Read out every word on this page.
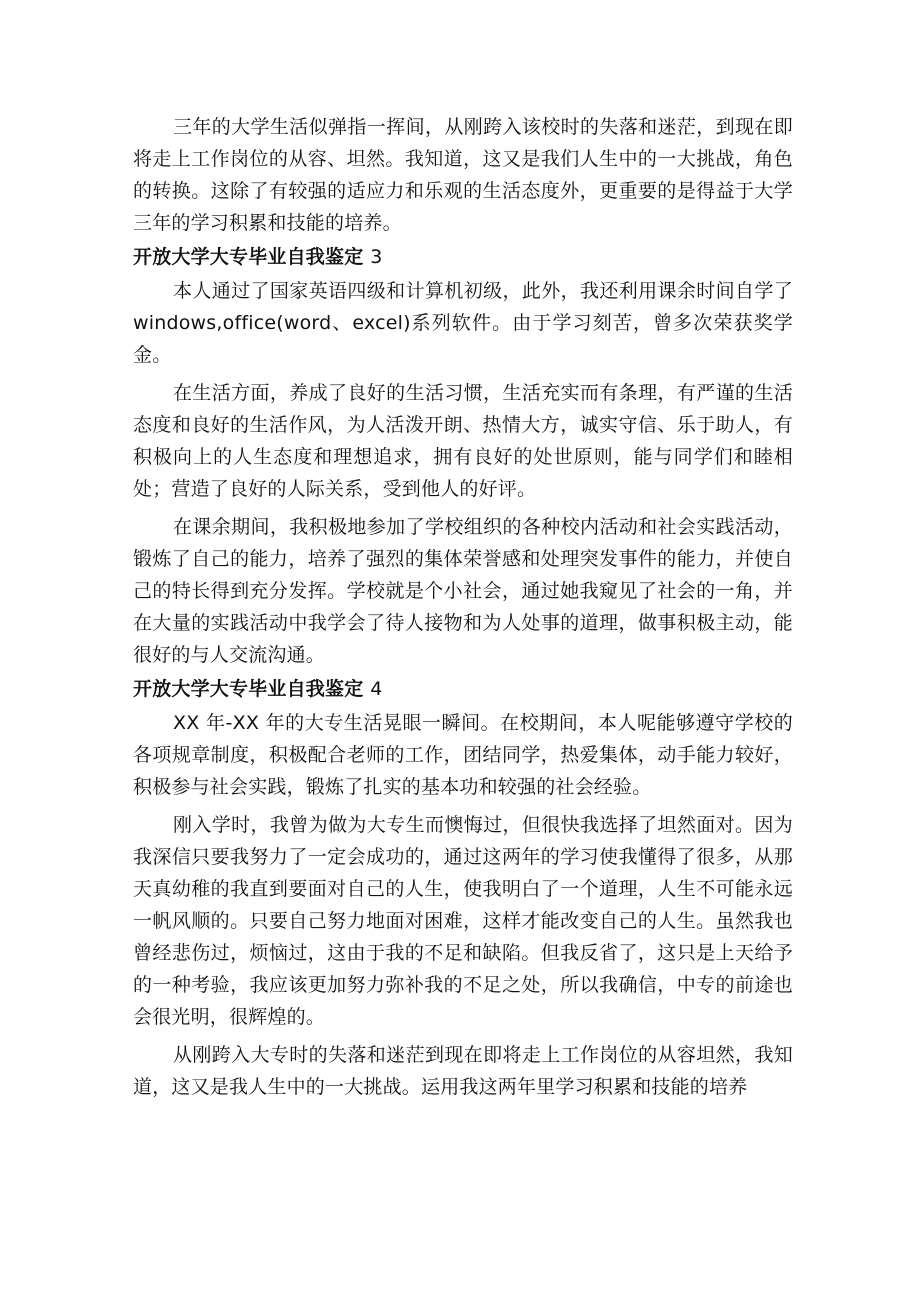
三年的大学生活似弹指一挥间，从刚跨入该校时的失落和迷茫，到现在即将走上工作岗位的从容、坦然。我知道，这又是我们人生中的一大挑战，角色的转换。这除了有较强的适应力和乐观的生活态度外，更重要的是得益于大学三年的学习积累和技能的培养。

开放大学大专毕业自我鉴定 3

本人通过了国家英语四级和计算机初级，此外，我还利用课余时间自学了 windows,office(word、excel)系列软件。由于学习刻苦，曾多次荣获奖学金。

在生活方面，养成了良好的生活习惯，生活充实而有条理，有严谨的生活态度和良好的生活作风，为人活泼开朗、热情大方，诚实守信、乐于助人，有积极向上的人生态度和理想追求，拥有良好的处世原则，能与同学们和睦相处；营造了良好的人际关系，受到他人的好评。

在课余期间，我积极地参加了学校组织的各种校内活动和社会实践活动，锻炼了自己的能力，培养了强烈的集体荣誉感和处理突发事件的能力，并使自己的特长得到充分发挥。学校就是个小社会，通过她我窥见了社会的一角，并在大量的实践活动中我学会了待人接物和为人处事的道理，做事积极主动，能很好的与人交流沟通。

开放大学大专毕业自我鉴定 4

XX 年-XX 年的大专生活晃眼一瞬间。在校期间，本人呢能够遵守学校的各项规章制度，积极配合老师的工作，团结同学，热爱集体，动手能力较好，积极参与社会实践，锻炼了扎实的基本功和较强的社会经验。

刚入学时，我曾为做为大专生而懊悔过，但很快我选择了坦然面对。因为我深信只要我努力了一定会成功的，通过这两年的学习使我懂得了很多，从那天真幼稚的我直到要面对自己的人生，使我明白了一个道理，人生不可能永远一帆风顺的。只要自己努力地面对困难，这样才能改变自己的人生。虽然我也曾经悲伤过，烦恼过，这由于我的不足和缺陷。但我反省了，这只是上天给予的一种考验，我应该更加努力弥补我的不足之处，所以我确信，中专的前途也会很光明，很辉煌的。

从刚跨入大专时的失落和迷茫到现在即将走上工作岗位的从容坦然，我知道，这又是我人生中的一大挑战。运用我这两年里学习积累和技能的培养
